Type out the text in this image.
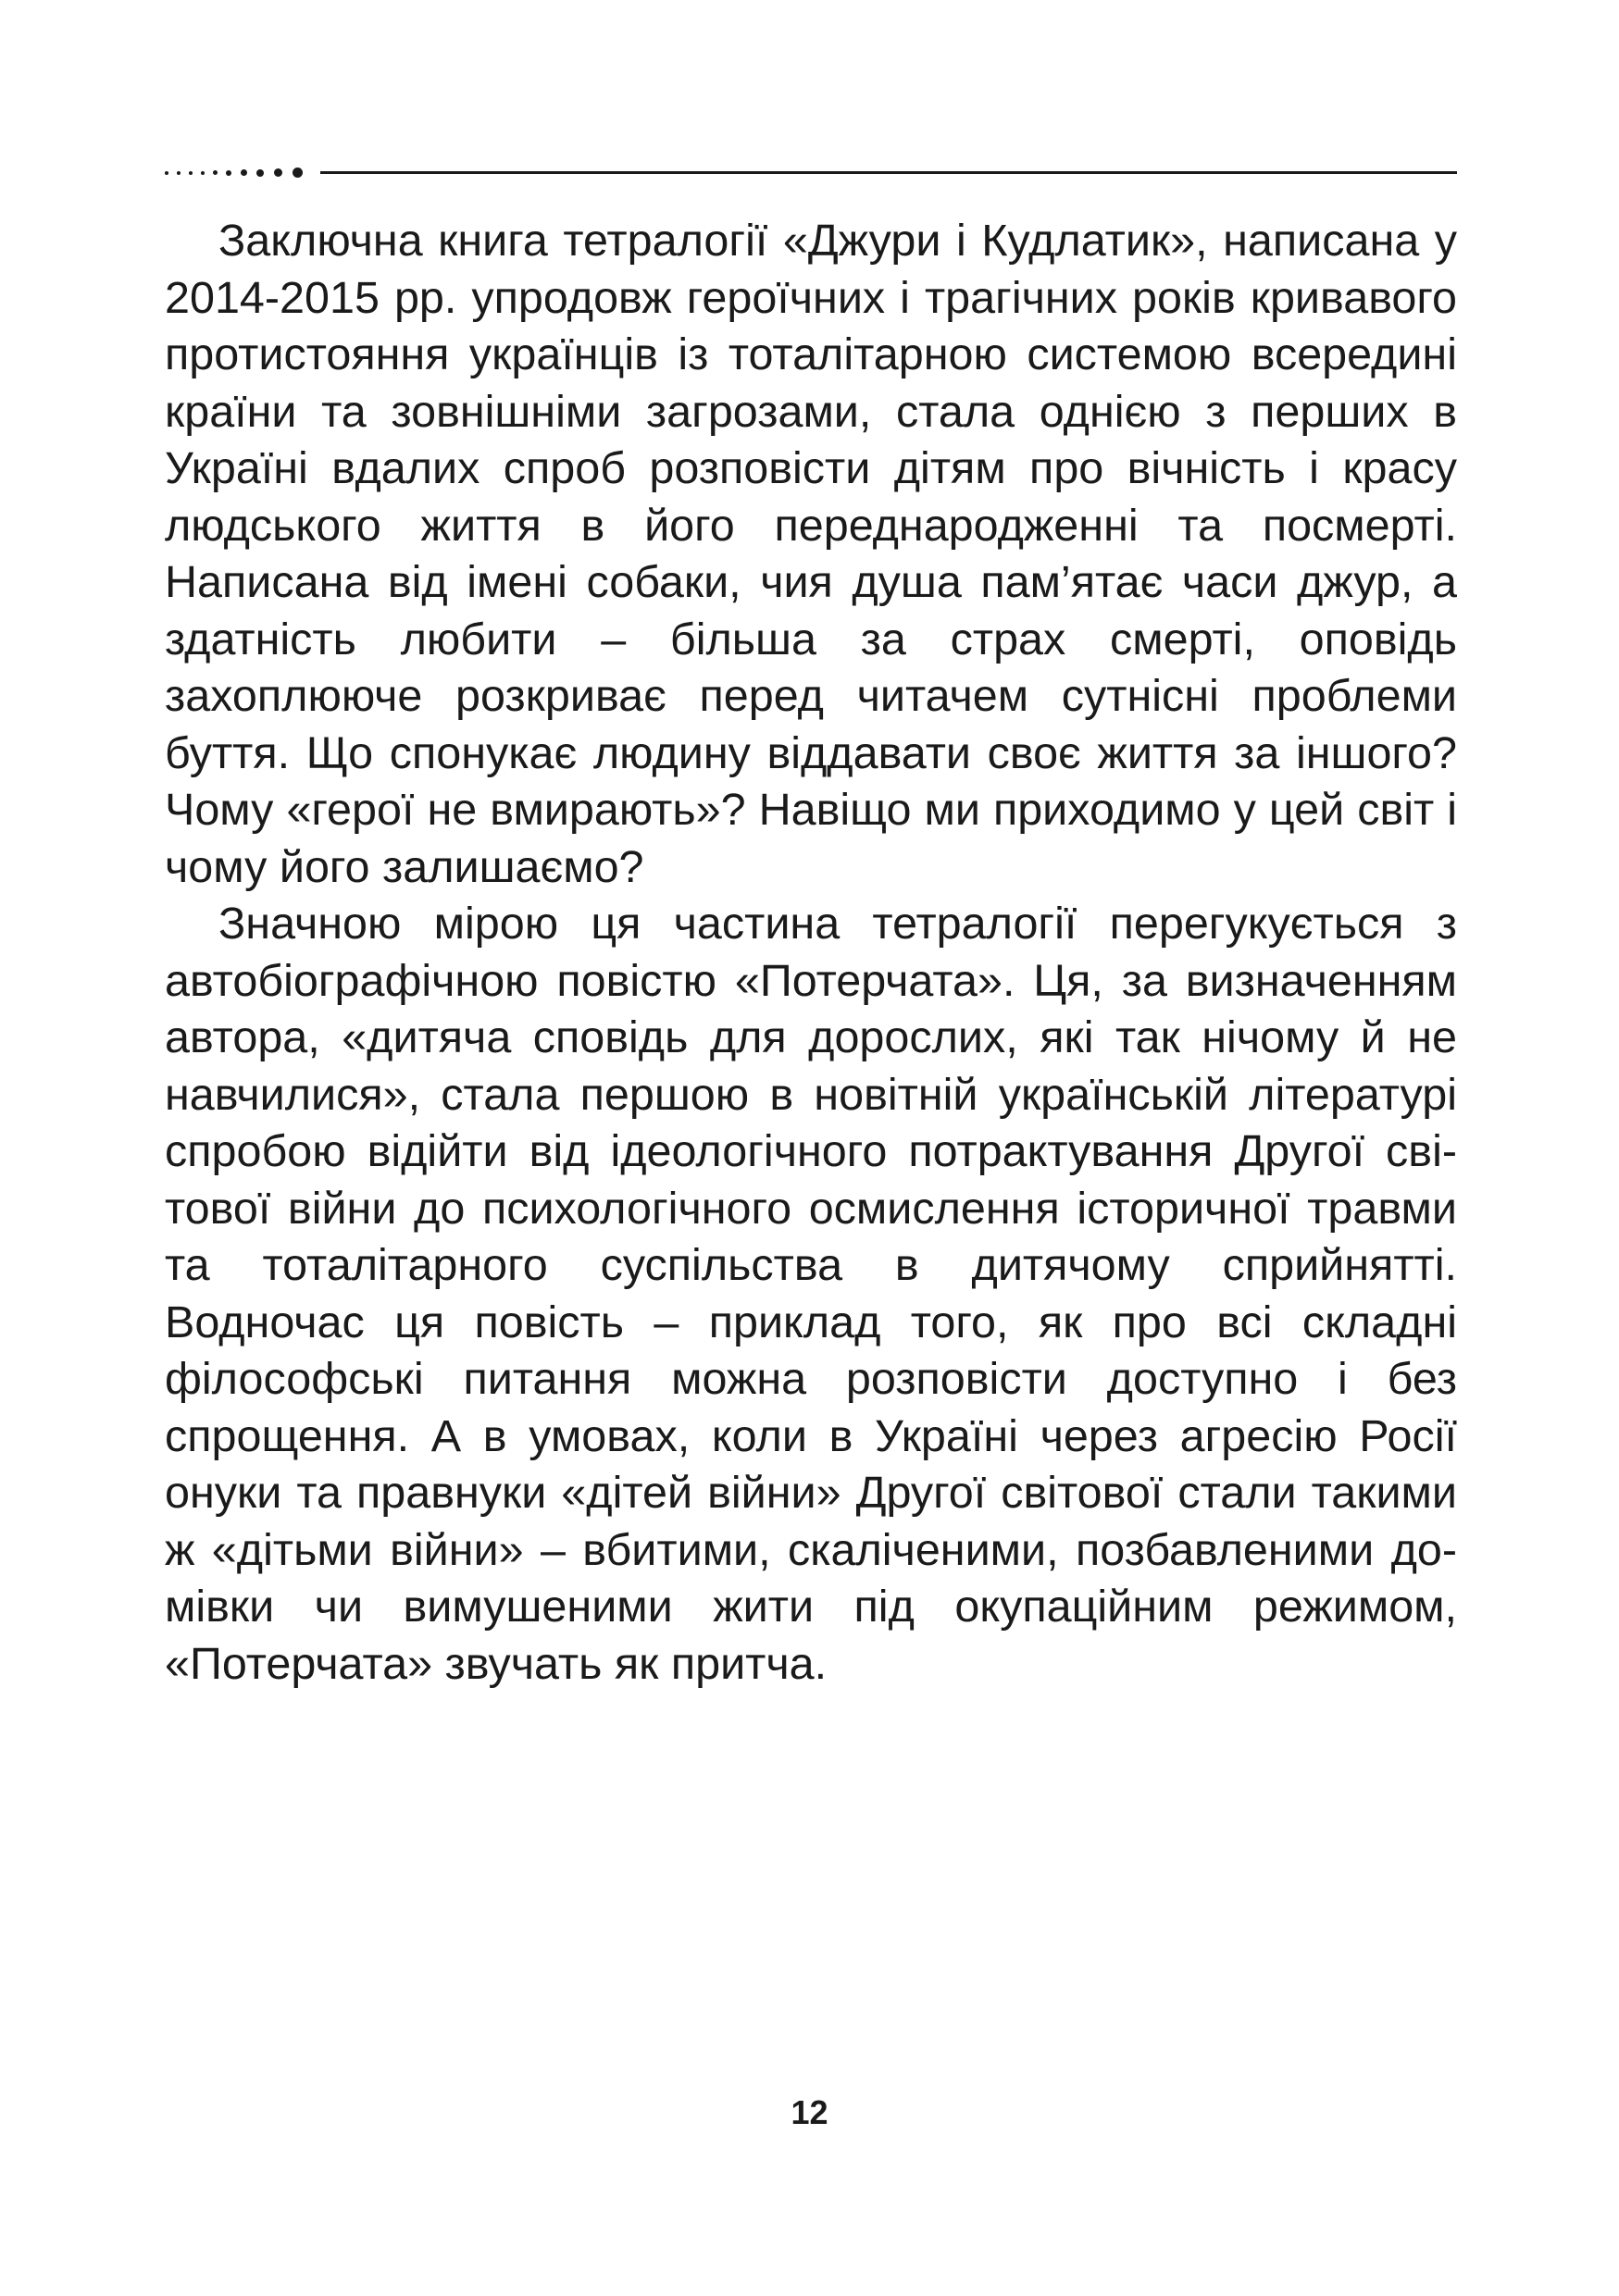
Заключна книга тетралогії «Джури і Кудлатик», написана у 2014-2015 рр. упродовж героїчних і трагічних років кривавого протистояння українців із тоталітарною системою всередині країни та зовнішніми загрозами, стала однією з перших в Україні вдалих спроб розповісти дітям про вічність і красу людського життя в його переднародженні та посмерті. Написана від імені собаки, чия душа пам’ятає часи джур, а здатність любити – більша за страх смерті, оповідь захоплююче розкриває перед читачем сутнісні проблеми буття. Що спонукає людину віддавати своє життя за іншого? Чому «герої не вмирають»? Навіщо ми приходимо у цей світ і чому його залишаємо?

Значною мірою ця частина тетралогії перегукується з автобіографічною повістю «Потерчата». Ця, за визначенням автора, «дитяча сповідь для дорослих, які так нічому й не навчилися», стала першою в новітній українській літературі спробою відійти від ідеологічного потрактування Другої світової війни до психологічного осмислення історичної травми та тоталітарного суспільства в дитячому сприйнятті. Водночас ця повість – приклад того, як про всі складні філософські питання можна розповісти доступно і без спрощення. А в умовах, коли в Україні через агресію Росії онуки та правнуки «дітей війни» Другої світової стали такими ж «дітьми війни» – вбитими, скаліченими, позбавленими домівки чи вимушеними жити під окупаційним режимом, «Потерчата» звучать як притча.

12
